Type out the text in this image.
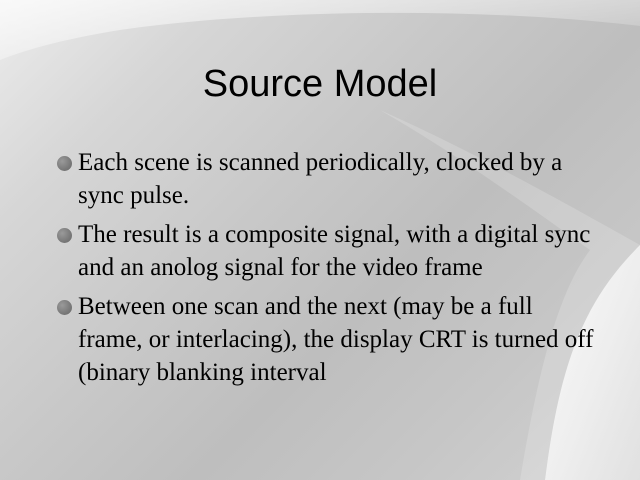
Source Model
Each scene is scanned periodically, clocked by a sync pulse.
The result is a composite signal, with a digital sync and an anolog signal for the video frame
Between one scan and the next (may be a full frame, or interlacing), the display CRT is turned off (binary blanking interval
